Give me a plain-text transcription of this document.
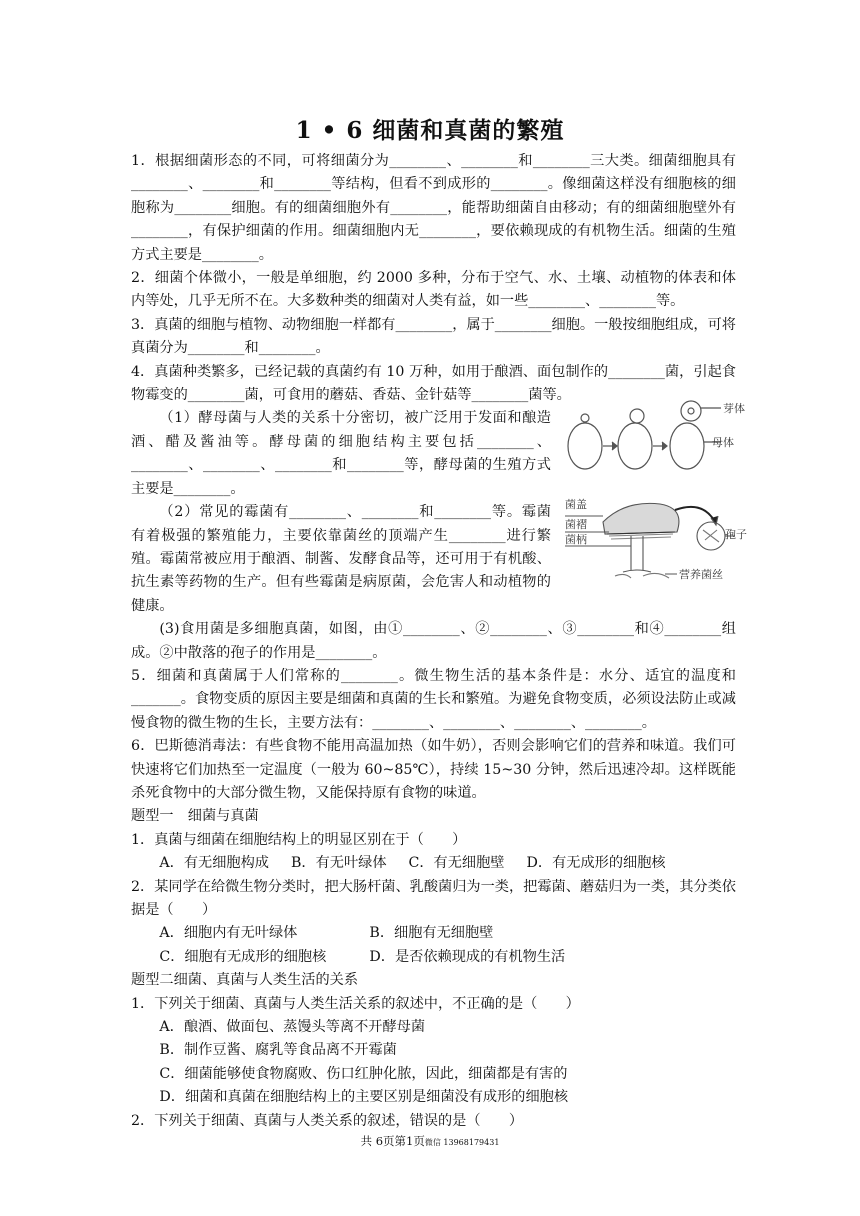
1 • 6 细菌和真菌的繁殖

1．根据细菌形态的不同，可将细菌分为________、________和________三大类。细菌细胞具有________、________和________等结构，但看不到成形的________。像细菌这样没有细胞核的细胞称为________细胞。有的细菌细胞外有________，能帮助细菌自由移动；有的细菌细胞壁外有________，有保护细菌的作用。细菌细胞内无________，要依赖现成的有机物生活。细菌的生殖方式主要是________。

2．细菌个体微小，一般是单细胞，约 2000 多种，分布于空气、水、土壤、动植物的体表和体内等处，几乎无所不在。大多数种类的细菌对人类有益，如一些________、________等。

3．真菌的细胞与植物、动物细胞一样都有________，属于________细胞。一般按细胞组成，可将真菌分为________和________。

4．真菌种类繁多，已经记载的真菌约有 10 万种，如用于酿酒、面包制作的________菌，引起食物霉变的________菌，可食用的蘑菇、香菇、金针菇等________菌等。

（1）酵母菌与人类的关系十分密切，被广泛用于发面和酿造酒、醋及酱油等。酵母菌的细胞结构主要包括________、________、________、________和________等，酵母菌的生殖方式主要是________。

（2）常见的霉菌有________、________和________等。霉菌有着极强的繁殖能力，主要依靠菌丝的顶端产生________进行繁殖。霉菌常被应用于酿酒、制酱、发酵食品等，还可用于有机酸、抗生素等药物的生产。但有些霉菌是病原菌，会危害人和动植物的健康。

(3)食用菌是多细胞真菌，如图，由①________、②________、③________和④________组成。②中散落的孢子的作用是________。

5．细菌和真菌属于人们常称的________。微生物生活的基本条件是：水分、适宜的温度和_______。食物变质的原因主要是细菌和真菌的生长和繁殖。为避免食物变质，必须设法防止或减慢食物的微生物的生长，主要方法有：________、________、________、________。

6．巴斯德消毒法：有些食物不能用高温加热（如牛奶），否则会影响它们的营养和味道。我们可快速将它们加热至一定温度（一般为 60~85℃），持续 15~30 分钟，然后迅速冷却。这样既能杀死食物中的大部分微生物，又能保持原有食物的味道。

题型一　细菌与真菌

1．真菌与细菌在细胞结构上的明显区别在于（　　）

A．有无细胞构成 B．有无叶绿体 C．有无细胞壁 D．有无成形的细胞核

2．某同学在给微生物分类时，把大肠杆菌、乳酸菌归为一类，把霉菌、蘑菇归为一类，其分类依据是（　　）

A．细胞内有无叶绿体	B．细胞有无细胞壁
C．细胞有无成形的细胞核	D．是否依赖现成的有机物生活

题型二细菌、真菌与人类生活的关系

1．下列关于细菌、真菌与人类生活关系的叙述中，不正确的是（　　）

A．酿酒、做面包、蒸馒头等离不开酵母菌

B．制作豆酱、腐乳等食品离不开霉菌

C．细菌能够使食物腐败、伤口红肿化脓，因此，细菌都是有害的

D．细菌和真菌在细胞结构上的主要区别是细菌没有成形的细胞核

2．下列关于细菌、真菌与人类关系的叙述，错误的是（　　）

芽体
母体
菌盖
菌褶
菌柄	孢子
营养菌丝
共 6页第1页微信 13968179431
